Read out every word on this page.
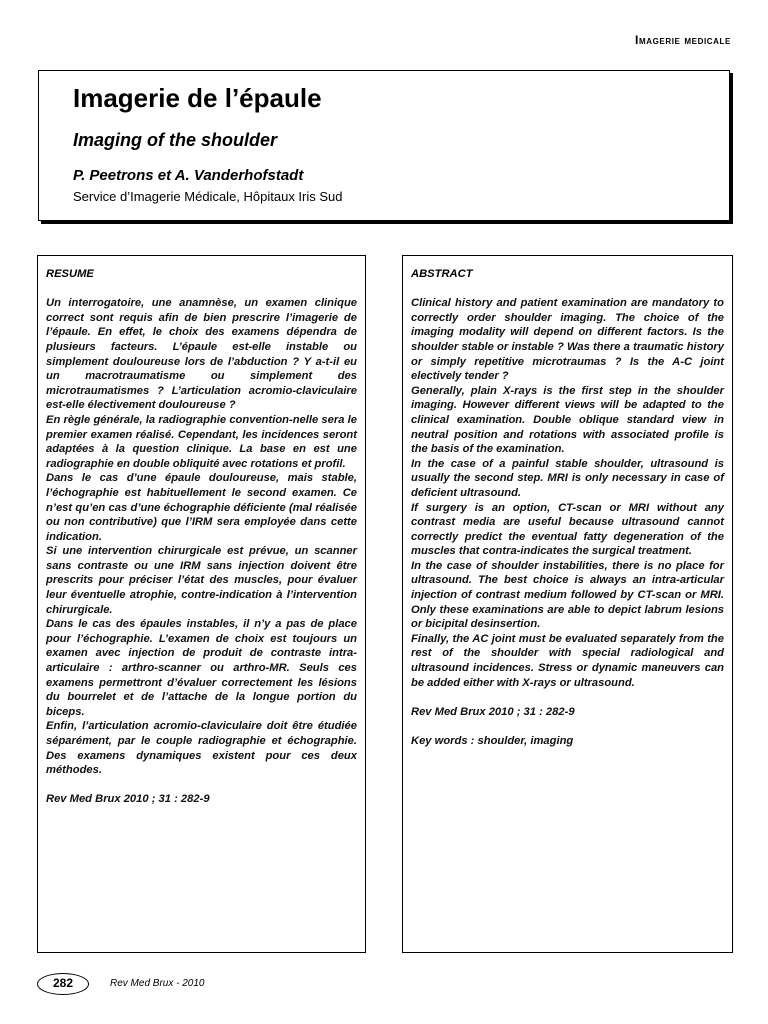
Imagerie medicale
Imagerie de l’épaule
Imaging of the shoulder
P. Peetrons et A. Vanderhofstadt
Service d’Imagerie Médicale, Hôpitaux Iris Sud
RESUME

Un interrogatoire, une anamnèse, un examen clinique correct sont requis afin de bien prescrire l’imagerie de l’épaule. En effet, le choix des examens dépendra de plusieurs facteurs. L’épaule est-elle instable ou simplement douloureuse lors de l’abduction ? Y a-t-il eu un macrotraumatisme ou simplement des microtraumatismes ? L’articulation acromio-claviculaire est-elle électivement douloureuse ?

En règle générale, la radiographie convention-nelle sera le premier examen réalisé. Cependant, les incidences seront adaptées à la question clinique. La base en est une radiographie en double obliquité avec rotations et profil.

Dans le cas d’une épaule douloureuse, mais stable, l’échographie est habituellement le second examen. Ce n’est qu’en cas d’une échographie déficiente (mal réalisée ou non contributive) que l’IRM sera employée dans cette indication.

Si une intervention chirurgicale est prévue, un scanner sans contraste ou une IRM sans injection doivent être prescrits pour préciser l’état des muscles, pour évaluer leur éventuelle atrophie, contre-indication à l’intervention chirurgicale.

Dans le cas des épaules instables, il n’y a pas de place pour l’échographie. L’examen de choix est toujours un examen avec injection de produit de contraste intra-articulaire : arthro-scanner ou arthro-MR. Seuls ces examens permettront d’évaluer correctement les lésions du bourrelet et de l’attache de la longue portion du biceps.

Enfin, l’articulation acromio-claviculaire doit être étudiée séparément, par le couple radiographie et échographie. Des examens dynamiques existent pour ces deux méthodes.

Rev Med Brux 2010 ; 31 : 282-9

ABSTRACT

Clinical history and patient examination are mandatory to correctly order shoulder imaging. The choice of the imaging modality will depend on different factors. Is the shoulder stable or instable ? Was there a traumatic history or simply repetitive microtraumas ? Is the A-C joint electively tender ?

Generally, plain X-rays is the first step in the shoulder imaging. However different views will be adapted to the clinical examination. Double oblique standard view in neutral position and rotations with associated profile is the basis of the examination.

In the case of a painful stable shoulder, ultrasound is usually the second step. MRI is only necessary in case of deficient ultrasound.

If surgery is an option, CT-scan or MRI without any contrast media are useful because ultrasound cannot correctly predict the eventual fatty degeneration of the muscles that contra-indicates the surgical treatment.

In the case of shoulder instabilities, there is no place for ultrasound. The best choice is always an intra-articular injection of contrast medium followed by CT-scan or MRI. Only these examinations are able to depict labrum lesions or bicipital desinsertion.

Finally, the AC joint must be evaluated separately from the rest of the shoulder with special radiological and ultrasound incidences. Stress or dynamic maneuvers can be added either with X-rays or ultrasound.

Rev Med Brux 2010 ; 31 : 282-9

Key words : shoulder, imaging

282	Rev Med Brux - 2010
